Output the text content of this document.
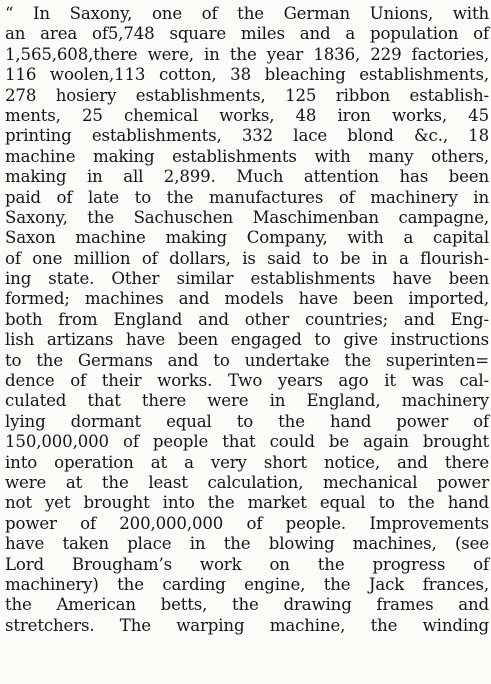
“ In Saxony, one of the German Unions, with
an area of5,748 square miles and a population of
1,565,608,there were, in the year 1836, 229 factories,
116 woolen,113 cotton, 38 bleaching establishments,
278 hosiery establishments, 125 ribbon establish-
ments, 25 chemical works, 48 iron works, 45
printing establishments, 332 lace blond &c., 18
machine making establishments with many others,
making in all 2,899. Much attention has been
paid of late to the manufactures of machinery in
Saxony, the Sachuschen Maschimenban campagne,
Saxon machine making Company, with a capital
of one million of dollars, is said to be in a flourish-
ing state. Other similar establishments have been
formed; machines and models have been imported,
both from England and other countries; and Eng-
lish artizans have been engaged to give instructions
to the Germans and to undertake the superinten=
dence of their works. Two years ago it was cal-
culated that there were in England, machinery
lying dormant equal to the hand power of
150,000,000 of people that could be again brought
into operation at a very short notice, and there
were at the least calculation, mechanical power
not yet brought into the market equal to the hand
power of 200,000,000 of people. Improvements
have taken place in the blowing machines, (see
Lord Brougham’s work on the progress of
machinery) the carding engine, the Jack frances,
the American betts, the drawing frames and
stretchers. The warping machine, the winding
